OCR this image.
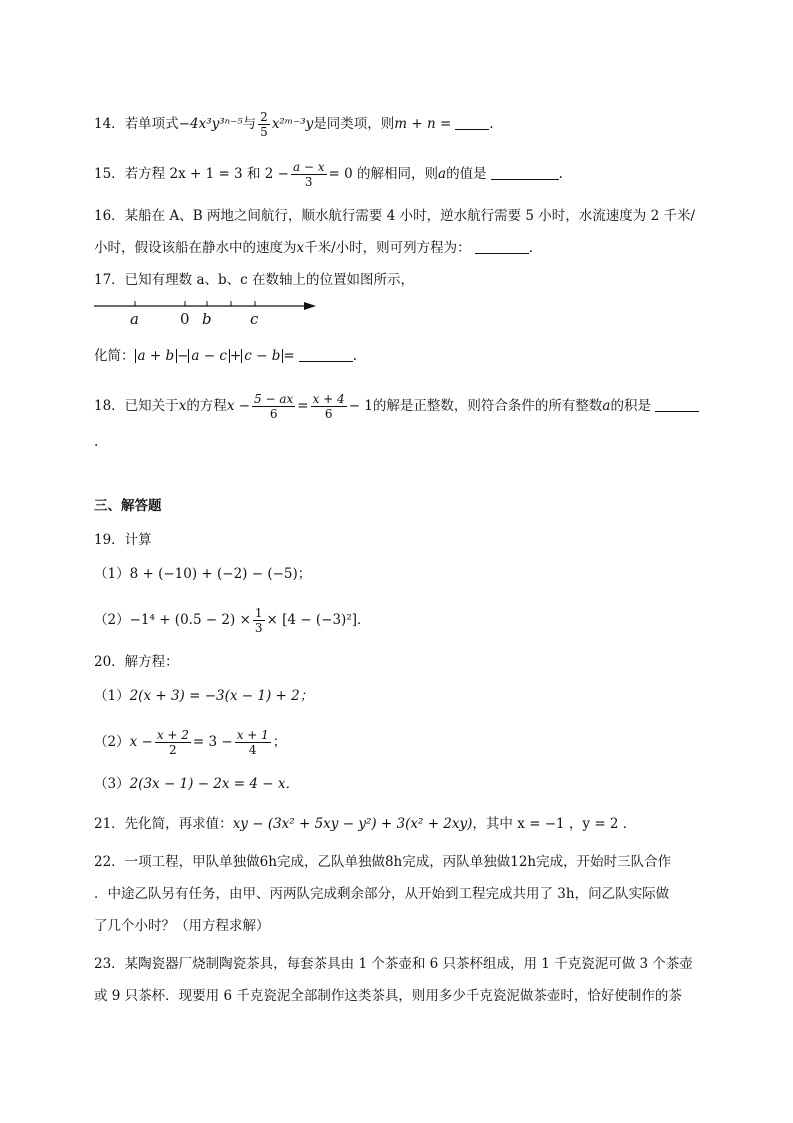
14．若单项式−4x³y³ⁿ⁻⁵与 $\frac{2}{5}$ x²ᵐ⁻³y是同类项，则m + n =	.
15．若方程 2x + 1 = 3 和 $2 - \frac{a - x}{3} = 0$ 的解相同，则a的值是	.
16．某船在 A、B 两地之间航行，顺水航行需要 4 小时，逆水航行需要 5 小时，水流速度为 2 千米/
小时，假设该船在静水中的速度为x千米/小时，则可列方程为：	.
17．已知有理数 a、b、c 在数轴上的位置如图所示，
a	0 b	c
化简： a + b − a − c + c − b =	.
18．已知关于x的方程$x - \frac{5 - ax}{6} = \frac{x + 4}{6} - 1$的解是正整数，则符合条件的所有整数a的积是
.
三、解答题
19．计算
（1）8 + (−10) + (−2) − (−5)；
$(2)-1^4 + (0.5 - 2) \times \frac{1}{3} \times [4 - (-3)^2]$．
20．解方程：
（1）2(x + 3) = −3(x − 1) + 2；
$(2)x - \frac{x + 2}{2} = 3 - \frac{x + 1}{4}$ ；
（3）2(3x − 1) − 2x = 4 − x．
21．先化简，再求值：xy − (3x² + 5xy − y²) + 3(x² + 2xy)，其中 x = −1 ，y = 2 ．
22．一项工程，甲队单独做6h完成，乙队单独做8h完成，丙队单独做12h完成，开始时三队合作
．中途乙队另有任务，由甲、丙两队完成剩余部分，从开始到工程完成共用了 3h，问乙队实际做
了几个小时？（用方程求解）
23．某陶瓷器厂烧制陶瓷茶具，每套茶具由 1 个茶壶和 6 只茶杯组成，用 1 千克瓷泥可做 3 个茶壶
或 9 只茶杯．现要用 6 千克瓷泥全部制作这类茶具，则用多少千克瓷泥做茶壶时，恰好使制作的茶
